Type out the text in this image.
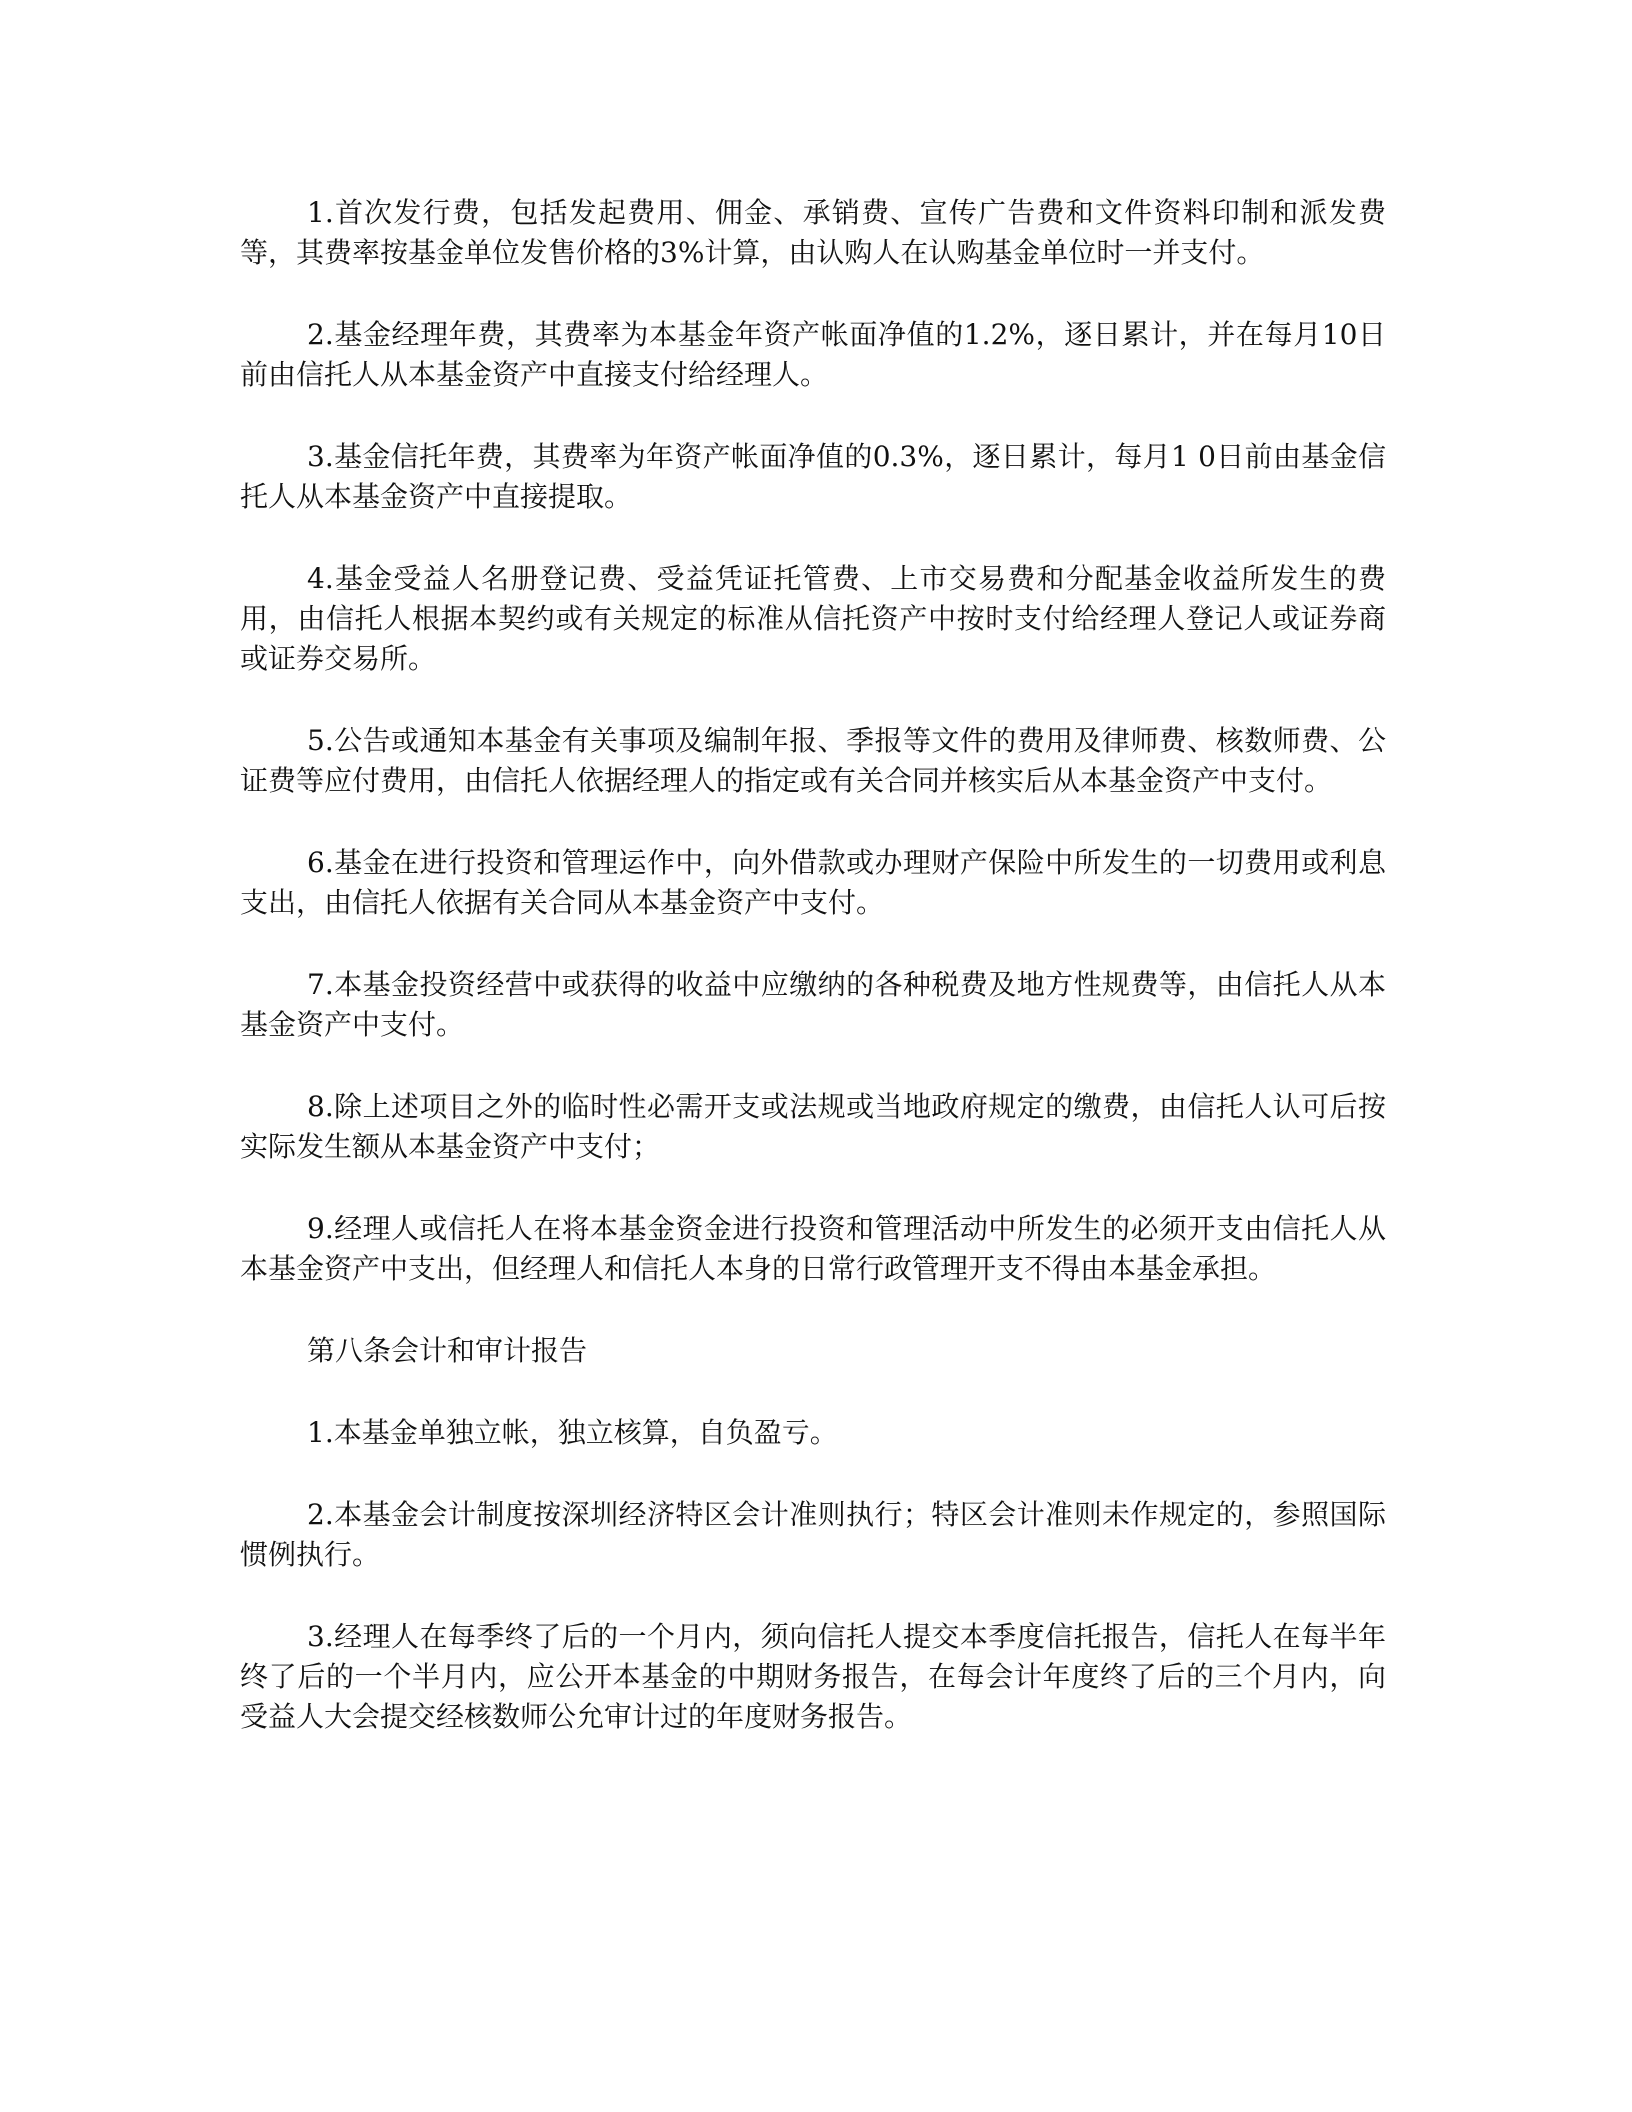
1.首次发行费，包括发起费用、佣金、承销费、宣传广告费和文件资料印制和派发费等，其费率按基金单位发售价格的3%计算，由认购人在认购基金单位时一并支付。

2.基金经理年费，其费率为本基金年资产帐面净值的1.2%，逐日累计，并在每月10日前由信托人从本基金资产中直接支付给经理人。

3.基金信托年费，其费率为年资产帐面净值的0.3%，逐日累计，每月1 0日前由基金信托人从本基金资产中直接提取。

4.基金受益人名册登记费、受益凭证托管费、上市交易费和分配基金收益所发生的费用，由信托人根据本契约或有关规定的标准从信托资产中按时支付给经理人登记人或证券商或证券交易所。

5.公告或通知本基金有关事项及编制年报、季报等文件的费用及律师费、核数师费、公证费等应付费用，由信托人依据经理人的指定或有关合同并核实后从本基金资产中支付。

6.基金在进行投资和管理运作中，向外借款或办理财产保险中所发生的一切费用或利息支出，由信托人依据有关合同从本基金资产中支付。

7.本基金投资经营中或获得的收益中应缴纳的各种税费及地方性规费等，由信托人从本基金资产中支付。

8.除上述项目之外的临时性必需开支或法规或当地政府规定的缴费，由信托人认可后按实际发生额从本基金资产中支付；

9.经理人或信托人在将本基金资金进行投资和管理活动中所发生的必须开支由信托人从本基金资产中支出，但经理人和信托人本身的日常行政管理开支不得由本基金承担。

第八条会计和审计报告

1.本基金单独立帐，独立核算，自负盈亏。

2.本基金会计制度按深圳经济特区会计准则执行；特区会计准则未作规定的，参照国际惯例执行。

3.经理人在每季终了后的一个月内，须向信托人提交本季度信托报告，信托人在每半年终了后的一个半月内，应公开本基金的中期财务报告，在每会计年度终了后的三个月内，向受益人大会提交经核数师公允审计过的年度财务报告。
